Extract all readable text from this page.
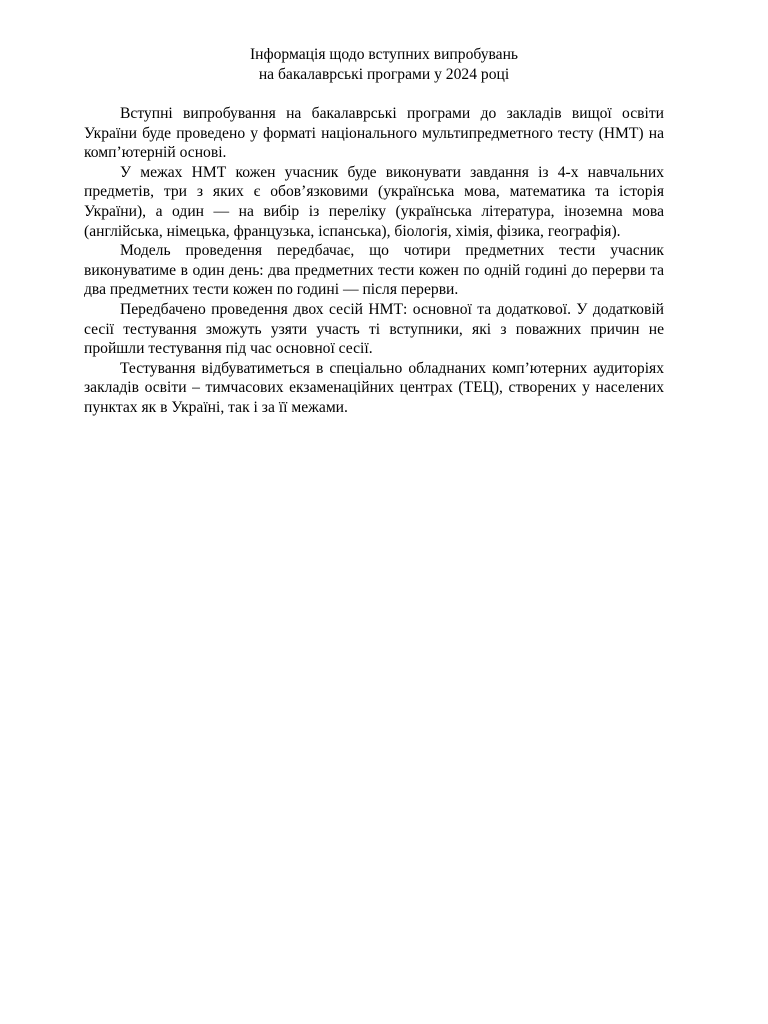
Інформація щодо вступних випробувань
на бакалаврські програми у 2024 році

Вступні випробування на бакалаврські програми до закладів вищої освіти України буде проведено у форматі національного мультипредметного тесту (НМТ) на комп’ютерній основі.

У межах НМТ кожен учасник буде виконувати завдання із 4-х навчальних предметів, три з яких є обов’язковими (українська мова, математика та історія України), а один — на вибір із переліку (українська література, іноземна мова (англійська, німецька, французька, іспанська), біологія, хімія, фізика, географія).

Модель проведення передбачає, що чотири предметних тести учасник виконуватиме в один день: два предметних тести кожен по одній годині до перерви та два предметних тести кожен по годині — після перерви.

Передбачено проведення двох сесій НМТ: основної та додаткової. У додатковій сесії тестування зможуть узяти участь ті вступники, які з поважних причин не пройшли тестування під час основної сесії.

Тестування відбуватиметься в спеціально обладнаних комп’ютерних аудиторіях закладів освіти – тимчасових екзаменаційних центрах (ТЕЦ), створених у населених пунктах як в Україні, так і за її межами.
